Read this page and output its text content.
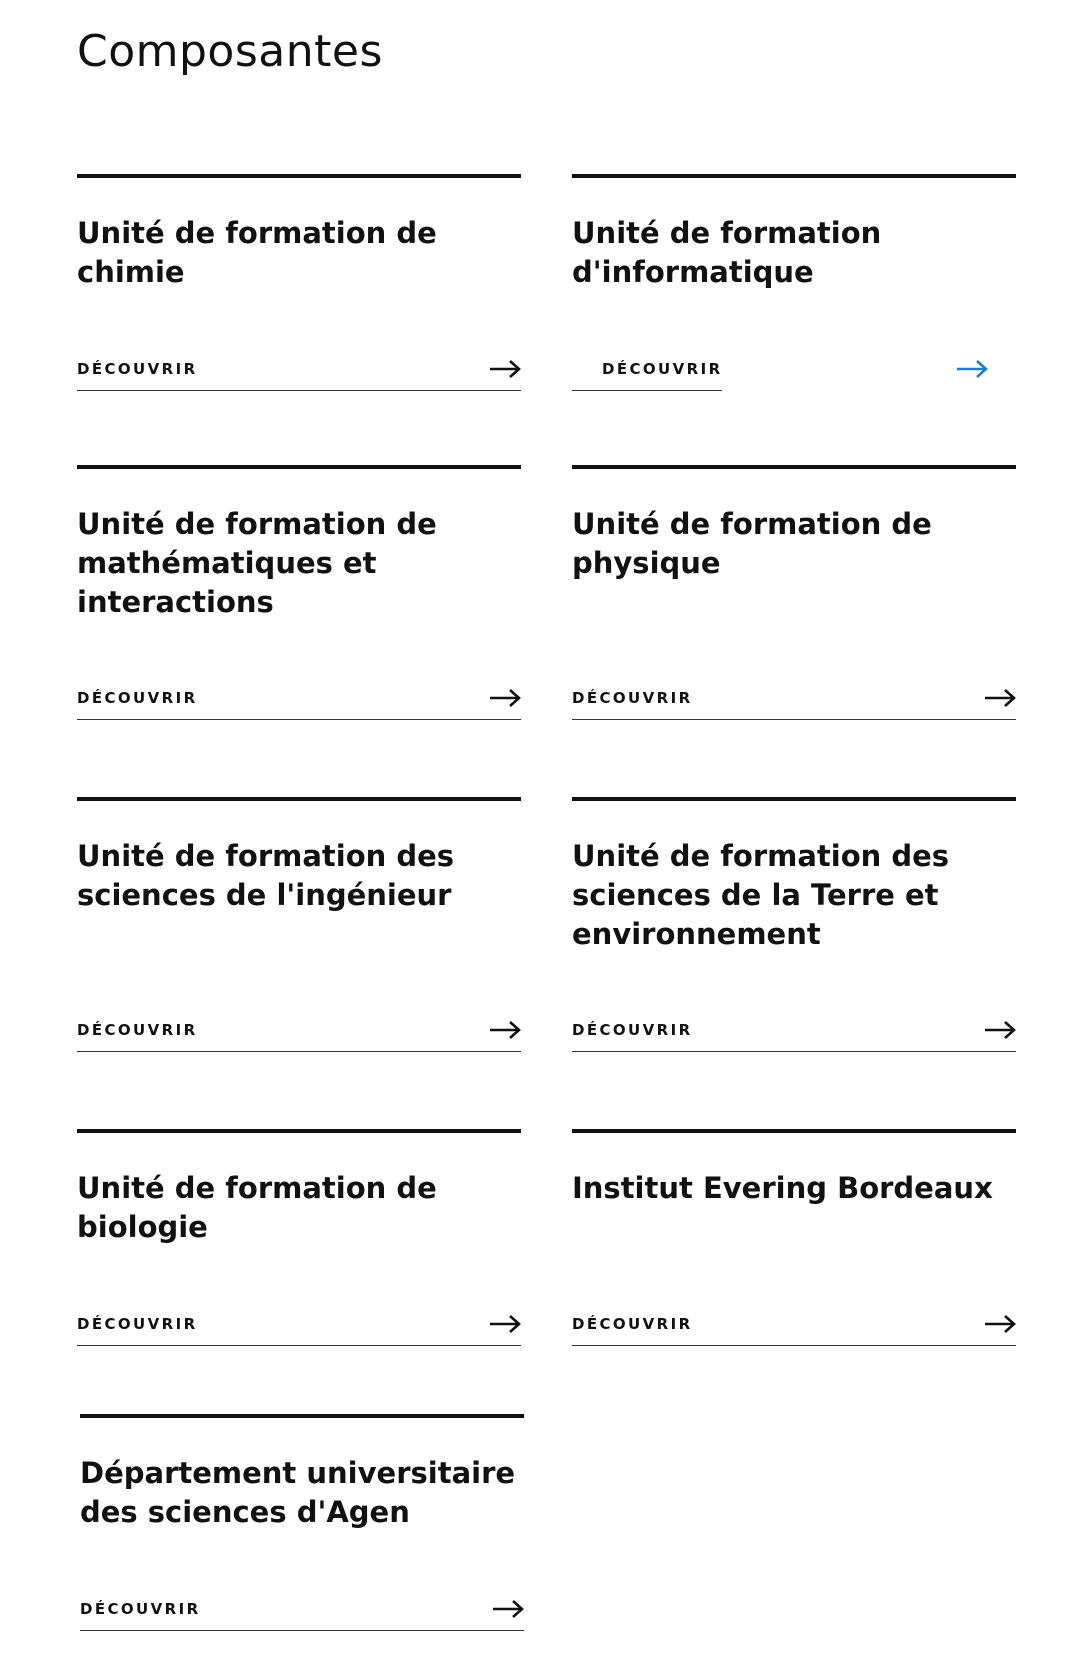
Composantes
Unité de formation de chimie
DÉCOUVRIR
Unité de formation d'informatique
DÉCOUVRIR
Unité de formation de mathématiques et interactions
DÉCOUVRIR
Unité de formation de physique
DÉCOUVRIR
Unité de formation des sciences de l'ingénieur
DÉCOUVRIR
Unité de formation des sciences de la Terre et environnement
DÉCOUVRIR
Unité de formation de biologie
DÉCOUVRIR
Institut Evering Bordeaux
DÉCOUVRIR
Département universitaire des sciences d'Agen
DÉCOUVRIR
